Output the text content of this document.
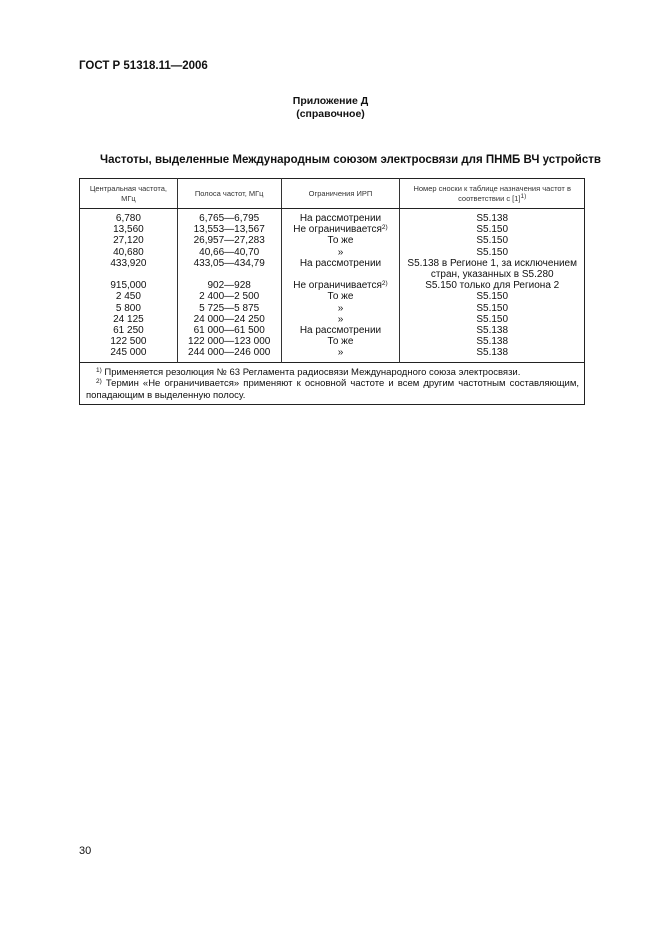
ГОСТ Р 51318.11—2006
Приложение Д
(справочное)
Частоты, выделенные Международным союзом электросвязи для ПНМБ ВЧ устройств
Центральная частота, МГц	Полоса частот, МГц	Ограничения ИРП	Номер сноски к таблице назначения частот в соответствии с $[1]^{1)}$
6,780	6,765—6,795	На рассмотрении	S5.138
13,560	13,553—13,567	Не ограничивается$^{2)}$	S5.150
27,120	26,957—27,283	То же	S5.150
40,680	40,66—40,70	»	S5.150
433,920	433,05—434,79	На рассмотрении	S5.138 в Регионе 1, за исключением стран, указанных в S5.280
915,000	902—928	Не ограничивается$^{2)}$	S5.150 только для Региона 2
2 450	2 400—2 500	То же	S5.150
5 800	5 725—5 875	»	S5.150
24 125	24 000—24 250	»	S5.150
61 250	61 000—61 500	На рассмотрении	S5.138
122 500	122 000—123 000	То же	S5.138
245 000	244 000—246 000	»	S5.138

$^{1)}$ Применяется резолюция № 63 Регламента радиосвязи Международного союза электросвязи.

$^{2)}$ Термин «Не ограничивается» применяют к основной частоте и всем другим частотным составляющим, попадающим в выделенную полосу.			

30
